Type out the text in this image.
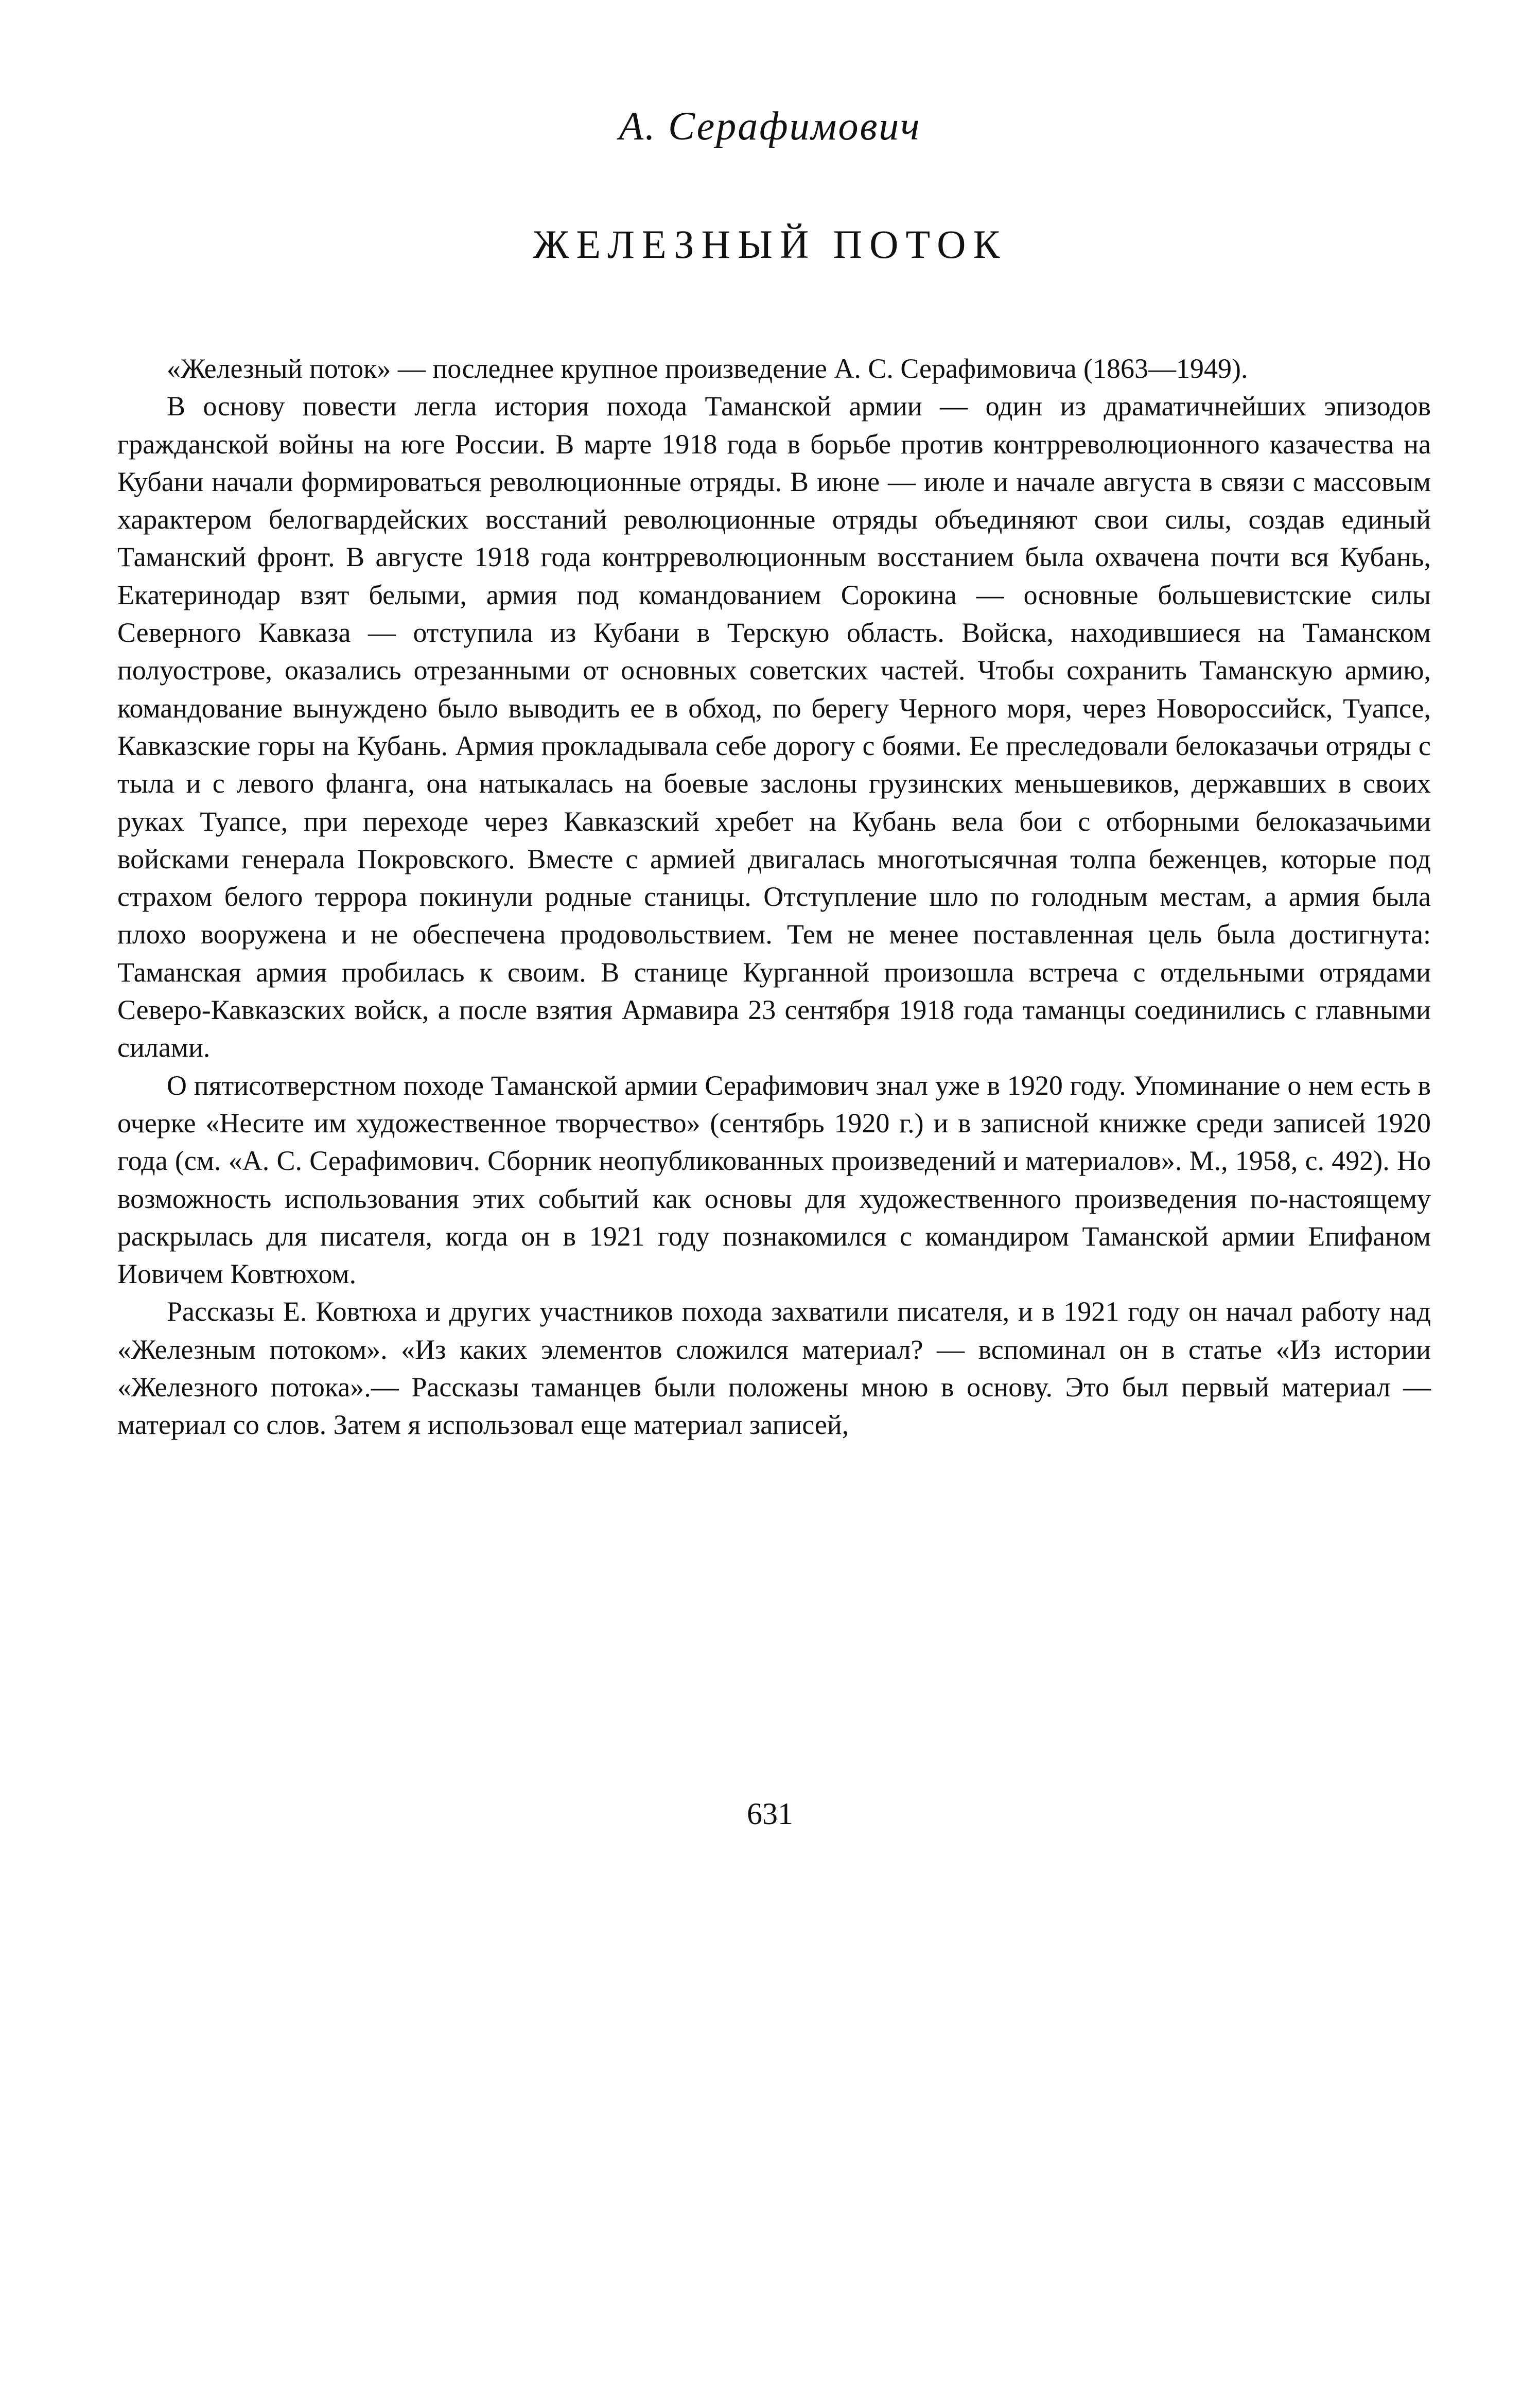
А. Серафимович

ЖЕЛЕЗНЫЙ ПОТОК

«Железный поток» — последнее крупное произведение А. С. Серафимовича (1863—1949).

В основу повести легла история похода Таманской армии — один из драматичнейших эпизодов гражданской войны на юге России. В марте 1918 года в борьбе против контрреволюционного казачества на Кубани начали формироваться революционные отряды. В июне — июле и начале августа в связи с массовым характером белогвардейских восстаний революционные отряды объединяют свои силы, создав единый Таманский фронт. В августе 1918 года контрреволюционным восстанием была охвачена почти вся Кубань, Екатеринодар взят белыми, армия под командованием Сорокина — основные большевистские силы Северного Кавказа — отступила из Кубани в Терскую область. Войска, находившиеся на Таманском полуострове, оказались отрезанными от основных советских частей. Чтобы сохранить Таманскую армию, командование вынуждено было выводить ее в обход, по берегу Черного моря, через Новороссийск, Туапсе, Кавказские горы на Кубань. Армия прокладывала себе дорогу с боями. Ее преследовали белоказачьи отряды с тыла и с левого фланга, она натыкалась на боевые заслоны грузинских меньшевиков, державших в своих руках Туапсе, при переходе через Кавказский хребет на Кубань вела бои с отборными белоказачьими войсками генерала Покровского. Вместе с армией двигалась многотысячная толпа беженцев, которые под страхом белого террора покинули родные станицы. Отступление шло по голодным местам, а армия была плохо вооружена и не обеспечена продовольствием. Тем не менее поставленная цель была достигнута: Таманская армия пробилась к своим. В станице Курганной произошла встреча с отдельными отрядами Северо-Кавказских войск, а после взятия Армавира 23 сентября 1918 года таманцы соединились с главными силами.

О пятисотверстном походе Таманской армии Серафимович знал уже в 1920 году. Упоминание о нем есть в очерке «Несите им художественное творчество» (сентябрь 1920 г.) и в записной книжке среди записей 1920 года (см. «А. С. Серафимович. Сборник неопубликованных произведений и материалов». М., 1958, с. 492). Но возможность использования этих событий как основы для художественного произведения по-настоящему раскрылась для писателя, когда он в 1921 году познакомился с командиром Таманской армии Епифаном Иовичем Ковтюхом.

Рассказы Е. Ковтюха и других участников похода захватили писателя, и в 1921 году он начал работу над «Железным потоком». «Из каких элементов сложился материал? — вспоминал он в статье «Из истории «Железного потока».— Рассказы таманцев были положены мною в основу. Это был первый материал — материал со слов. Затем я использовал еще материал записей,

631
